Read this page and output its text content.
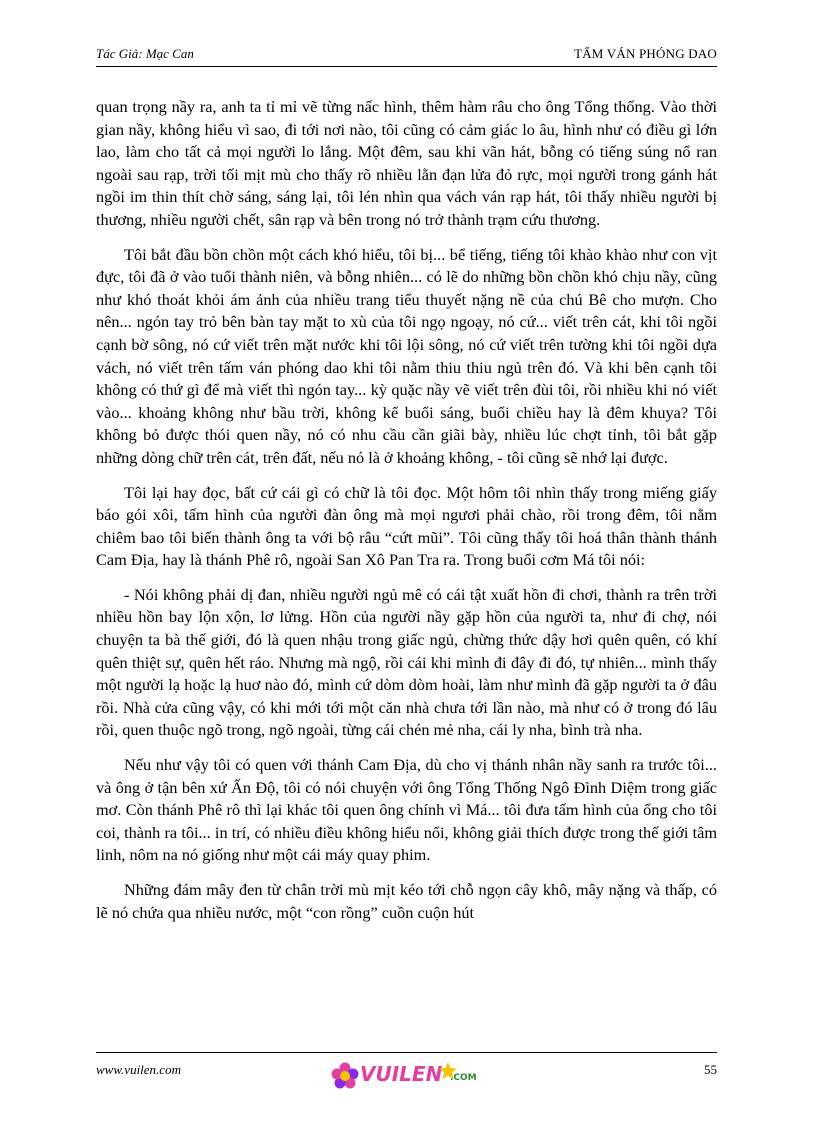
Tác Giả: Mạc Can	TẤM VÁN PHÓNG DAO

quan trọng nầy ra, anh ta tỉ mỉ vẽ từng nấc hình, thêm hàm râu cho ông Tổng thống. Vào thời gian nầy, không hiểu vì sao, đi tới nơi nào, tôi cũng có cảm giác lo âu, hình như có điều gì lớn lao, làm cho tất cả mọi người lo lắng. Một đêm, sau khi vãn hát, bỗng có tiếng súng nổ ran ngoài sau rạp, trời tối mịt mù cho thấy rõ nhiều lằn đạn lửa đỏ rực, mọi người trong gánh hát ngồi im thin thít chờ sáng, sáng lại, tôi lén nhìn qua vách ván rạp hát, tôi thấy nhiều người bị thương, nhiều người chết, sân rạp và bên trong nó trở thành trạm cứu thương.

Tôi bắt đầu bồn chồn một cách khó hiểu, tôi bị... bể tiếng, tiếng tôi khào khào như con vịt đực, tôi đã ở vào tuổi thành niên, và bỗng nhiên... có lẽ do những bồn chồn khó chịu nầy, cũng như khó thoát khỏi ám ảnh của nhiều trang tiểu thuyết nặng nề của chú Bê cho mượn. Cho nên... ngón tay trỏ bên bàn tay mặt to xù của tôi ngọ ngoạy, nó cứ... viết trên cát, khi tôi ngồi cạnh bờ sông, nó cứ viết trên mặt nước khi tôi lội sông, nó cứ viết trên tường khi tôi ngồi dựa vách, nó viết trên tấm ván phóng dao khi tôi nằm thiu thiu ngủ trên đó. Và khi bên cạnh tôi không có thứ gì để mà viết thì ngón tay... kỳ quặc nầy vẽ viết trên đùi tôi, rồi nhiều khi nó viết vào... khoảng không như bầu trời, không kể buổi sáng, buổi chiều hay là đêm khuya? Tôi không bỏ được thói quen nầy, nó có nhu cầu cần giãi bày, nhiều lúc chợt tỉnh, tôi bắt gặp những dòng chữ trên cát, trên đất, nếu nó là ở khoảng không, - tôi cũng sẽ nhớ lại được.

Tôi lại hay đọc, bất cứ cái gì có chữ là tôi đọc. Một hôm tôi nhìn thấy trong miếng giấy báo gói xôi, tấm hình của người đàn ông mà mọi ngươi phải chào, rồi trong đêm, tôi nằm chiêm bao tôi biến thành ông ta với bộ râu “cứt mũi”. Tôi cũng thấy tôi hoá thân thành thánh Cam Địa, hay là thánh Phê rô, ngoài San Xô Pan Tra ra. Trong buổi cơm Má tôi nói:

- Nói không phải dị đan, nhiều người ngủ mê có cái tật xuất hồn đi chơi, thành ra trên trời nhiều hồn bay lộn xộn, lơ lửng. Hồn của người nầy gặp hồn của người ta, như đi chợ, nói chuyện ta bà thế giới, đó là quen nhậu trong giấc ngủ, chừng thức dậy hơi quên quên, có khí quên thiệt sự, quên hết ráo. Nhưng mà ngộ, rồi cái khi mình đi đây đi đó, tự nhiên... mình thấy một người lạ hoặc lạ huơ nào đó, mình cứ dòm dòm hoài, làm như mình đã gặp người ta ở đâu rồi. Nhà cửa cũng vậy, có khi mới tới một căn nhà chưa tới lần nào, mà như có ở trong đó lâu rồi, quen thuộc ngõ trong, ngõ ngoài, từng cái chén mẻ nha, cái ly nha, bình trà nha.

Nếu như vậy tôi có quen với thánh Cam Địa, dù cho vị thánh nhân nầy sanh ra trước tôi... và ông ở tận bên xứ Ấn Độ, tôi có nói chuyện với ông Tổng Thống Ngô Đình Diệm trong giấc mơ. Còn thánh Phê rô thì lại khác tôi quen ông chính vì Má... tôi đưa tấm hình của ổng cho tôi coi, thành ra tôi... in trí, có nhiều điều không hiểu nổi, không giải thích được trong thế giới tâm linh, nôm na nó giống như một cái máy quay phim.

Những đám mây đen từ chân trời mù mịt kéo tới chỗ ngọn cây khô, mây nặng và thấp, có lẽ nó chứa qua nhiều nước, một “con rồng” cuồn cuộn hút

www.vuilen.com	VUILEN .COM
55
